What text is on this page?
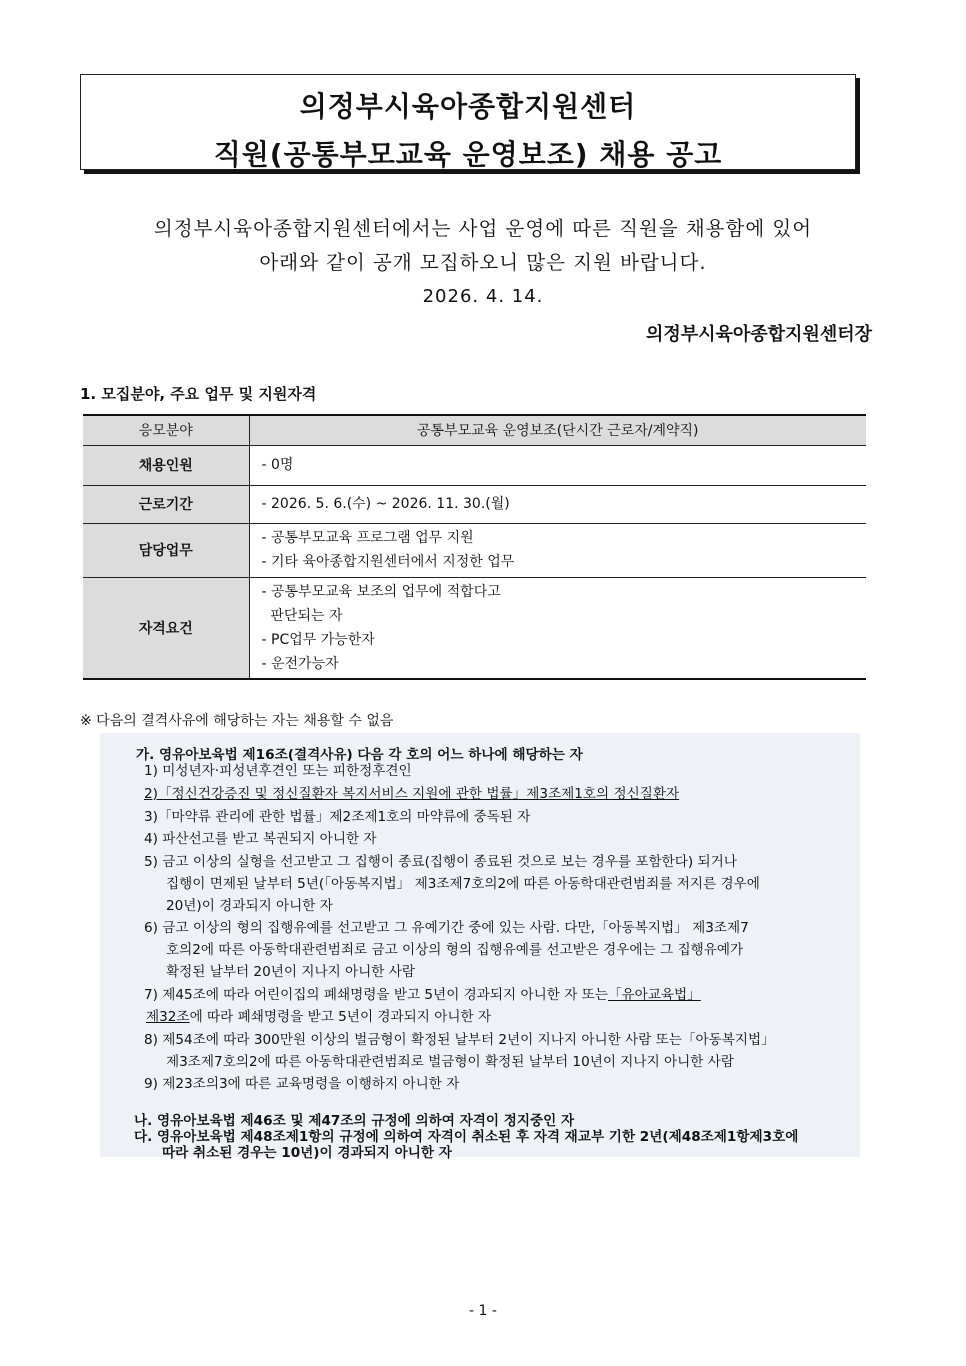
의정부시육아종합지원센터
직원(공통부모교육 운영보조) 채용 공고
의정부시육아종합지원센터에서는 사업 운영에 따른 직원을 채용함에 있어
아래와 같이 공개 모집하오니 많은 지원 바랍니다.
2026. 4. 14.
의정부시육아종합지원센터장
1. 모집분야, 주요 업무 및 지원자격
응모분야	공통부모교육 운영보조(단시간 근로자/계약직)
채용인원	- 0명

근로기간	- 2026. 5. 6.(수) ~ 2026. 11. 30.(월)

담당업무	- 공통부모교육 프로그램 업무 지원
- 기타 육아종합지원센터에서 지정한 업무

자격요건	- 공통부모교육 보조의 업무에 적합다고
판단되는 자
- PC업무 가능한자
- 운전가능자
※ 다음의 결격사유에 해당하는 자는 채용할 수 없음
가. 영유아보육법 제16조(결격사유) 다음 각 호의 어느 하나에 해당하는 자
1) 미성년자·피성년후견인 또는 피한정후견인
2)「정신건강증진 및 정신질환자 복지서비스 지원에 관한 법률」제3조제1호의 정신질환자
3)「마약류 관리에 관한 법률」제2조제1호의 마약류에 중독된 자
4) 파산선고를 받고 복권되지 아니한 자
5) 금고 이상의 실형을 선고받고 그 집행이 종료(집행이 종료된 것으로 보는 경우를 포함한다) 되거나
집행이 면제된 날부터 5년(「아동복지법」 제3조제7호의2에 따른 아동학대관련범죄를 저지른 경우에
20년)이 경과되지 아니한 자
6) 금고 이상의 형의 집행유예를 선고받고 그 유예기간 중에 있는 사람. 다만,「아동복지법」 제3조제7
호의2에 따른 아동학대관련범죄로 금고 이상의 형의 집행유예를 선고받은 경우에는 그 집행유예가
확정된 날부터 20년이 지나지 아니한 사람
7) 제45조에 따라 어린이집의 폐쇄명령을 받고 5년이 경과되지 아니한 자 또는「유아교육법」
제32조에 따라 폐쇄명령을 받고 5년이 경과되지 아니한 자
8) 제54조에 따라 300만원 이상의 벌금형이 확정된 날부터 2년이 지나지 아니한 사람 또는「아동복지법」
제3조제7호의2에 따른 아동학대관련범죄로 벌금형이 확정된 날부터 10년이 지나지 아니한 사람
9) 제23조의3에 따른 교육명령을 이행하지 아니한 자
나. 영유아보육법 제46조 및 제47조의 규정에 의하여 자격이 정지중인 자
다. 영유아보육법 제48조제1항의 규정에 의하여 자격이 취소된 후 자격 재교부 기한 2년(제48조제1항제3호에
따라 취소된 경우는 10년)이 경과되지 아니한 자
- 1 -
